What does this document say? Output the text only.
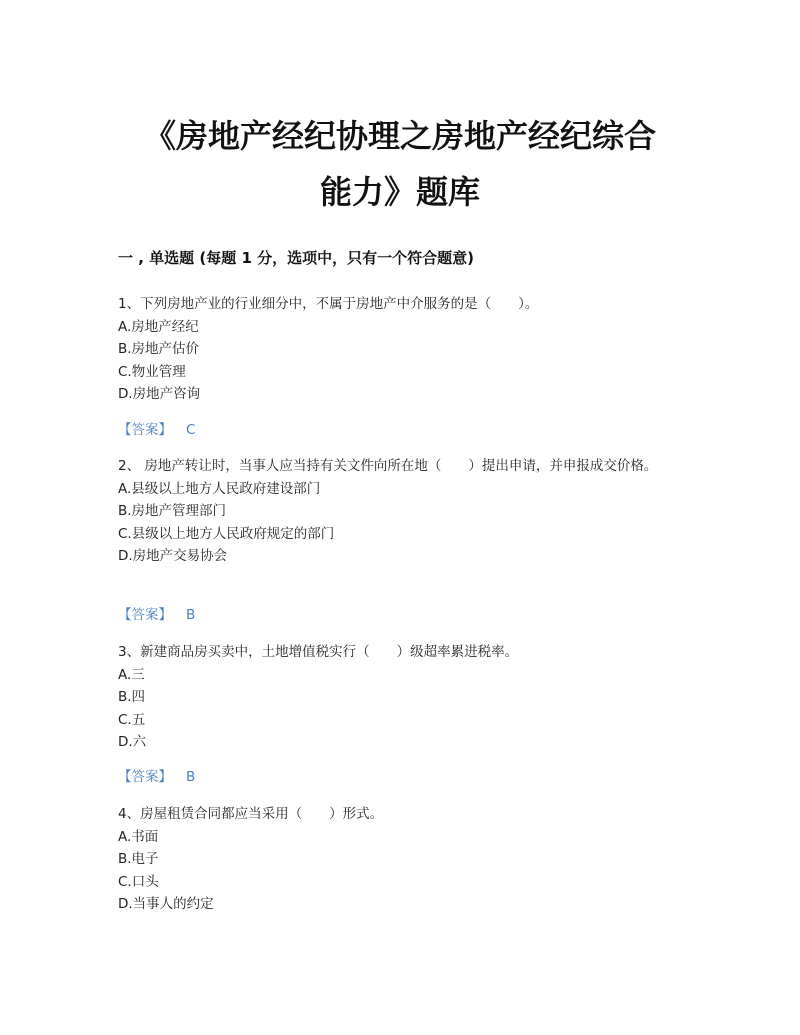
《房地产经纪协理之房地产经纪综合
能力》题库
一 , 单选题 (每题 1 分，选项中，只有一个符合题意)
1、下列房地产业的行业细分中，不属于房地产中介服务的是（　　）。
A.房地产经纪
B.房地产估价
C.物业管理
D.房地产咨询
【答案】 C
2、 房地产转让时，当事人应当持有关文件向所在地（　　）提出申请，并申报成交价格。
A.县级以上地方人民政府建设部门
B.房地产管理部门
C.县级以上地方人民政府规定的部门
D.房地产交易协会
【答案】 B
3、新建商品房买卖中，土地增值税实行（　　）级超率累进税率。
A.三
B.四
C.五
D.六
【答案】 B
4、房屋租赁合同都应当采用（　　）形式。
A.书面
B.电子
C.口头
D.当事人的约定
